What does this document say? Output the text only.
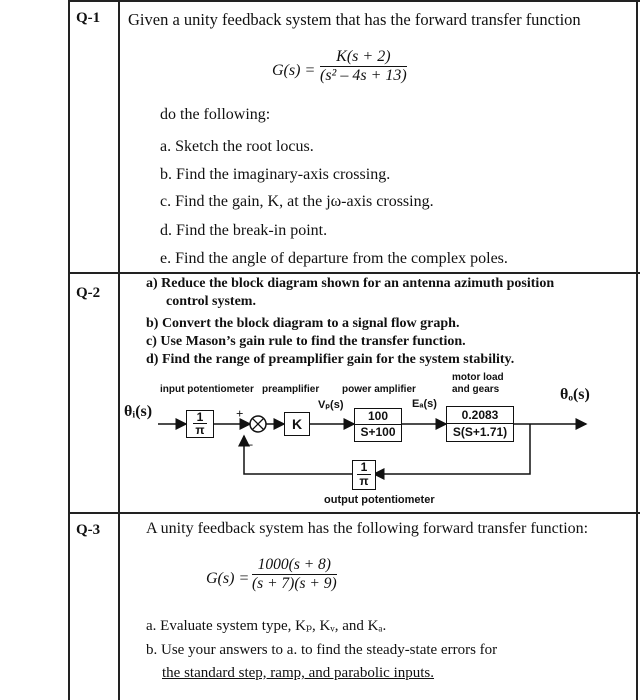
Q-1 Given a unity feedback system that has the forward transfer function
$G(s) = \frac{K(s + 2)}{\text{(s² – 4s + 13)}}$
do the following:
a. Sketch the root locus.
b. Find the imaginary-axis crossing.
c. Find the gain, K, at the jω-axis crossing.
d. Find the break-in point.
e. Find the angle of departure from the complex poles.
Q-2
a) Reduce the block diagram shown for an antenna azimuth position
control system.
b) Convert the block diagram to a signal flow graph.
c) Use Mason’s gain rule to find the transfer function.
d) Find the range of preamplifier gain for the system stability.
input potentiometer preamplifier power amplifier
motor load
and gears
θᵢ(s)
θₒ(s)
Vₚ(s)	Eₐ(s)
+
–
$\frac{1}{\pi}$	K	$\frac{100}{S+100}$	$\frac{0.2083}{S(S+1.71)}$
$\frac{1}{\pi}$
output potentiometer
Q-3	A unity feedback system has the following forward transfer function:
$G(s) = \frac{1000(s + 8)}{(s + 7)(s + 9)}$
a. Evaluate system type, Kₚ, Kᵥ, and Kₐ.
b. Use your answers to a. to find the steady-state errors for
the standard step, ramp, and parabolic inputs.
